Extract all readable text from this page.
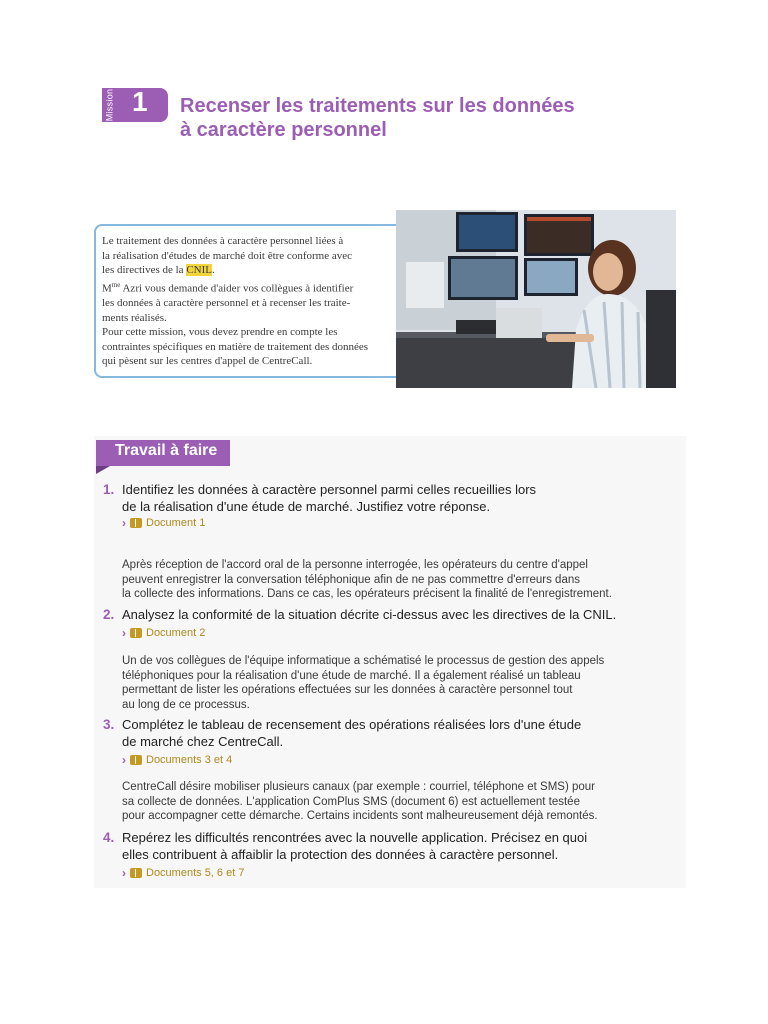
Mission 1 Recenser les traitements sur les données
à caractère personnel

Le traitement des données à caractère personnel liées à

la réalisation d'études de marché doit être conforme avec

les directives de la CNIL.

$M^{me}$ Azri vous demande d'aider vos collègues à identifier

les données à caractère personnel et à recenser les traite-

ments réalisés.

Pour cette mission, vous devez prendre en compte les

contraintes spécifiques en matière de traitement des données

qui pèsent sur les centres d'appel de CentreCall.

Travail à faire
1. Identifiez les données à caractère personnel parmi celles recueillies lors
de la réalisation d'une étude de marché. Justifiez votre réponse.
› Document 1
Après réception de l'accord oral de la personne interrogée, les opérateurs du centre d'appel
peuvent enregistrer la conversation téléphonique afin de ne pas commettre d'erreurs dans
la collecte des informations. Dans ce cas, les opérateurs précisent la finalité de l'enregistrement.
2. Analysez la conformité de la situation décrite ci-dessus avec les directives de la CNIL.
› Document 2
Un de vos collègues de l'équipe informatique a schématisé le processus de gestion des appels
téléphoniques pour la réalisation d'une étude de marché. Il a également réalisé un tableau
permettant de lister les opérations effectuées sur les données à caractère personnel tout
au long de ce processus.
3. Complétez le tableau de recensement des opérations réalisées lors d'une étude
de marché chez CentreCall.
› Documents 3 et 4
CentreCall désire mobiliser plusieurs canaux (par exemple : courriel, téléphone et SMS) pour
sa collecte de données. L'application ComPlus SMS (document 6) est actuellement testée
pour accompagner cette démarche. Certains incidents sont malheureusement déjà remontés.
4. Repérez les difficultés rencontrées avec la nouvelle application. Précisez en quoi
elles contribuent à affaiblir la protection des données à caractère personnel.
› Documents 5, 6 et 7
